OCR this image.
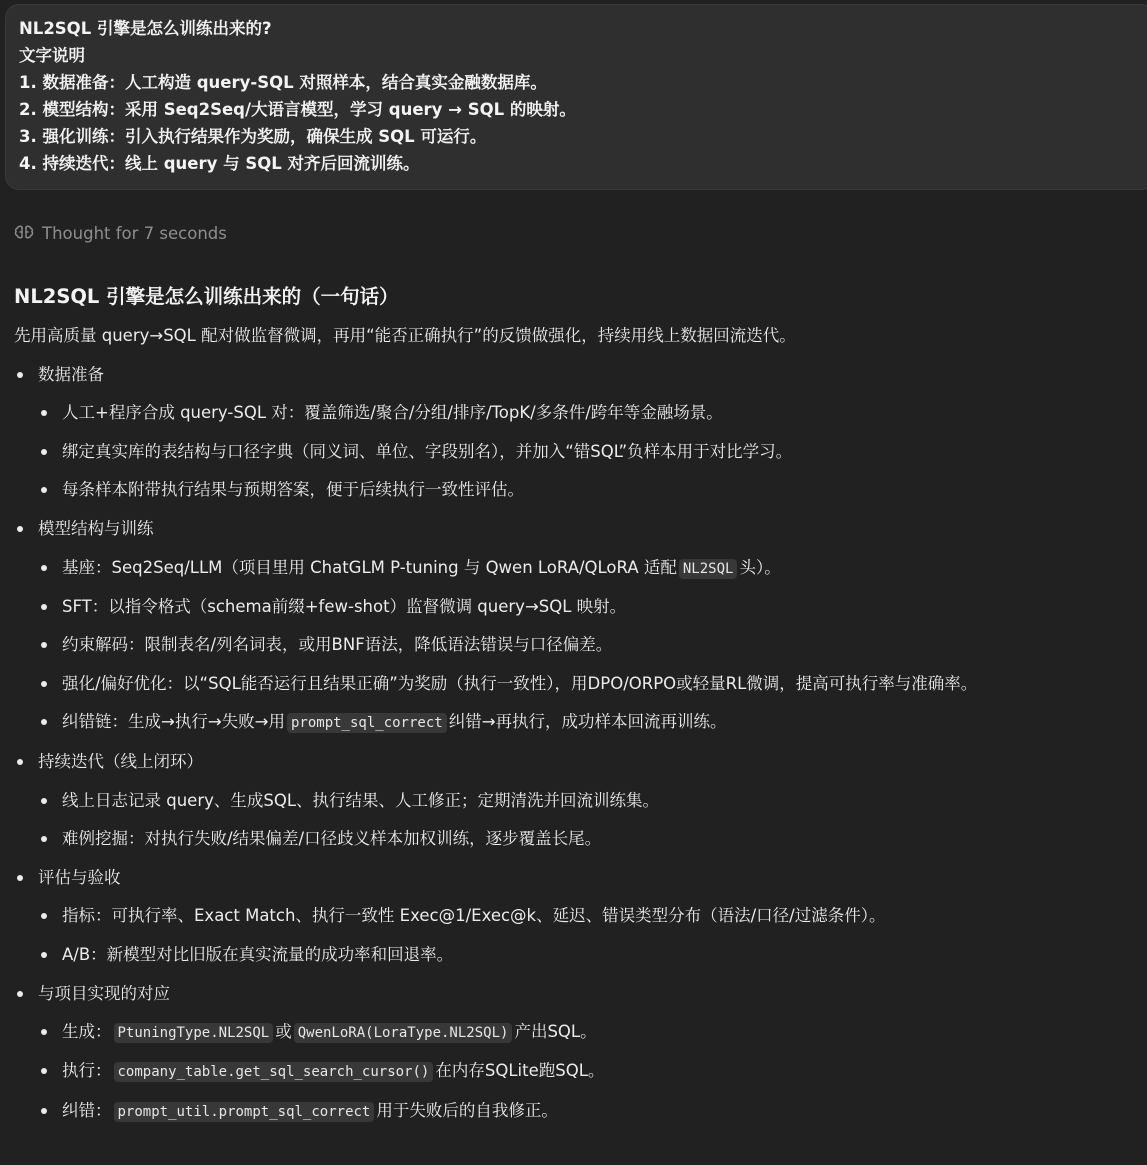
NL2SQL 引擎是怎么训练出来的?
文字说明
1. 数据准备：人工构造 query-SQL 对照样本，结合真实金融数据库。
2. 模型结构：采用 Seq2Seq/大语言模型，学习 query → SQL 的映射。
3. 强化训练：引入执行结果作为奖励，确保生成 SQL 可运行。
4. 持续迭代：线上 query 与 SQL 对齐后回流训练。
Thought for 7 seconds
NL2SQL 引擎是怎么训练出来的（一句话）
先用高质量 query→SQL 配对做监督微调，再用“能否正确执行”的反馈做强化，持续用线上数据回流迭代。
数据准备
人工+程序合成 query-SQL 对：覆盖筛选/聚合/分组/排序/TopK/多条件/跨年等金融场景。
绑定真实库的表结构与口径字典（同义词、单位、字段别名），并加入“错SQL”负样本用于对比学习。
每条样本附带执行结果与预期答案，便于后续执行一致性评估。
模型结构与训练
基座：Seq2Seq/LLM（项目里用 ChatGLM P-tuning 与 Qwen LoRA/QLoRA 适配 NL2SQL 头）。
SFT：以指令格式（schema前缀+few-shot）监督微调 query→SQL 映射。
约束解码：限制表名/列名词表，或用BNF语法，降低语法错误与口径偏差。
强化/偏好优化：以“SQL能否运行且结果正确”为奖励（执行一致性），用DPO/ORPO或轻量RL微调，提高可执行率与准确率。
纠错链：生成→执行→失败→用 prompt_sql_correct 纠错→再执行，成功样本回流再训练。
持续迭代（线上闭环）
线上日志记录 query、生成SQL、执行结果、人工修正；定期清洗并回流训练集。
难例挖掘：对执行失败/结果偏差/口径歧义样本加权训练，逐步覆盖长尾。
评估与验收
指标：可执行率、Exact Match、执行一致性 Exec@1/Exec@k、延迟、错误类型分布（语法/口径/过滤条件）。
A/B：新模型对比旧版在真实流量的成功率和回退率。
与项目实现的对应
生成： PtuningType.NL2SQL 或 QwenLoRA(LoraType.NL2SQL) 产出SQL。
执行： company_table.get_sql_search_cursor() 在内存SQLite跑SQL。
纠错： prompt_util.prompt_sql_correct 用于失败后的自我修正。
